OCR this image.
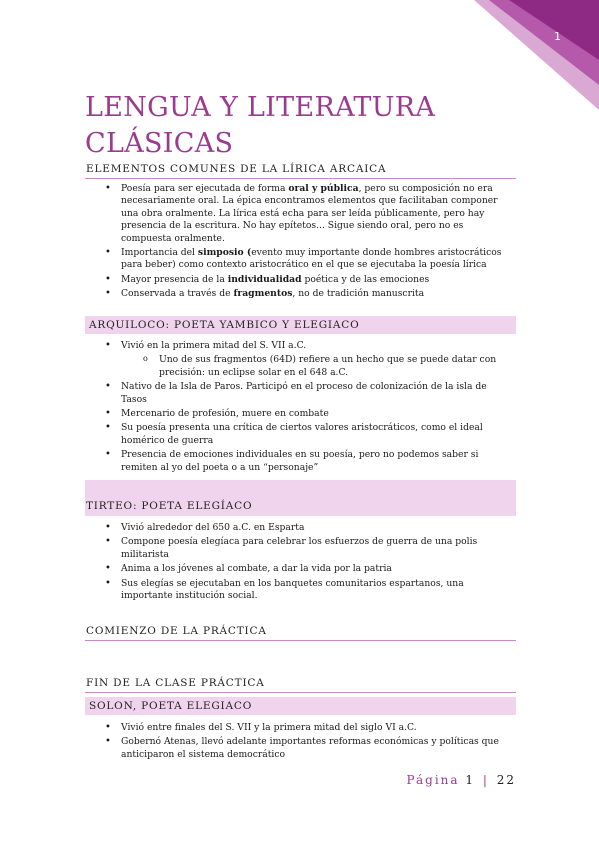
1
LENGUA Y LITERATURA CLÁSICAS
ELEMENTOS COMUNES DE LA LÍRICA ARCAICA
• Poesía para ser ejecutada de forma oral y pública, pero su composición no era necesariamente oral. La épica encontramos elementos que facilitaban componer una obra oralmente. La lírica está echa para ser leída públicamente, pero hay presencia de la escritura. No hay epítetos... Sigue siendo oral, pero no es compuesta oralmente.
• Importancia del simposio (evento muy importante donde hombres aristocráticos para beber) como contexto aristocrático en el que se ejecutaba la poesía lírica
• Mayor presencia de la individualidad poética y de las emociones
• Conservada a través de fragmentos, no de tradición manuscrita
ARQUILOCO: POETA YAMBICO Y ELEGIACO
• Vivió en la primera mitad del S. VII a.C.
o Uno de sus fragmentos (64D) refiere a un hecho que se puede datar con precisión: un eclipse solar en el 648 a.C.
• Nativo de la Isla de Paros. Participó en el proceso de colonización de la isla de Tasos
• Mercenario de profesión, muere en combate
• Su poesía presenta una crítica de ciertos valores aristocráticos, como el ideal homérico de guerra
• Presencia de emociones individuales en su poesía, pero no podemos saber si remiten al yo del poeta o a un “personaje”
TIRTEO: POETA ELEGÍACO
• Vivió alrededor del 650 a.C. en Esparta
• Compone poesía elegíaca para celebrar los esfuerzos de guerra de una polis militarista
• Anima a los jóvenes al combate, a dar la vida por la patria
• Sus elegías se ejecutaban en los banquetes comunitarios espartanos, una importante institución social.
COMIENZO DE LA PRÁCTICA
FIN DE LA CLASE PRÁCTICA
SOLON, POETA ELEGIACO
• Vivió entre finales del S. VII y la primera mitad del siglo VI a.C.
• Gobernó Atenas, llevó adelante importantes reformas económicas y políticas que anticiparon el sistema democrático
Página 1 | 22
